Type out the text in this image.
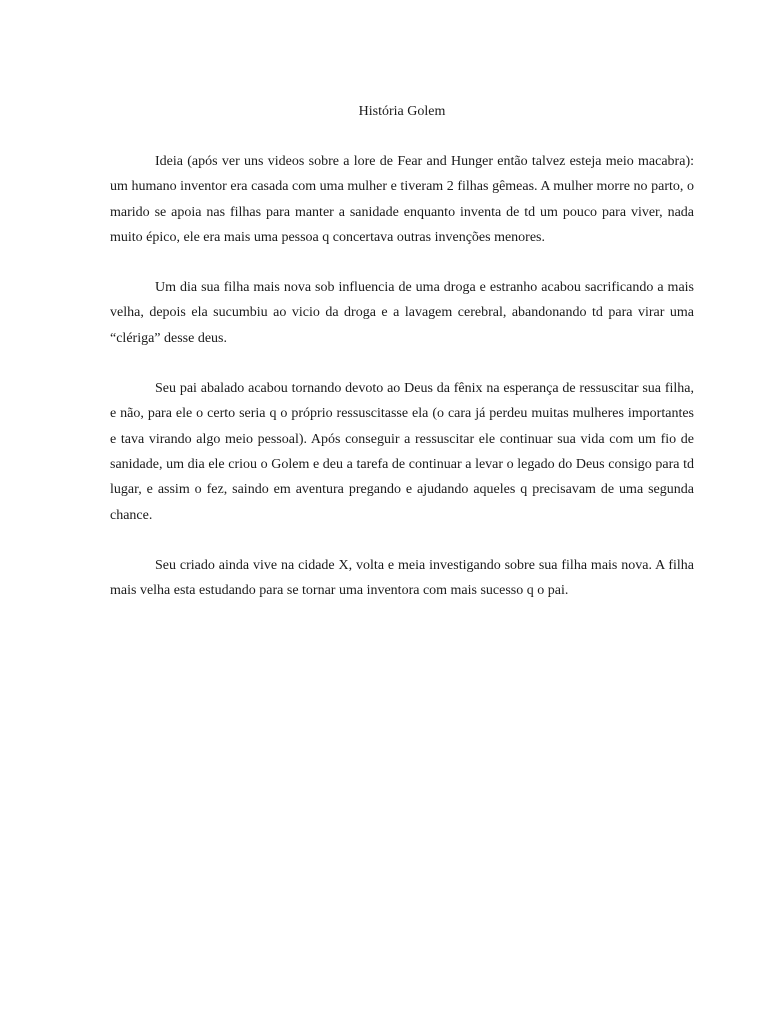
História Golem

Ideia (após ver uns videos sobre a lore de Fear and Hunger então talvez esteja meio macabra): um humano inventor era casada com uma mulher e tiveram 2 filhas gêmeas. A mulher morre no parto, o marido se apoia nas filhas para manter a sanidade enquanto inventa de td um pouco para viver, nada muito épico, ele era mais uma pessoa q concertava outras invenções menores.

Um dia sua filha mais nova sob influencia de uma droga e estranho acabou sacrificando a mais velha, depois ela sucumbiu ao vicio da droga e a lavagem cerebral, abandonando td para virar uma “clériga” desse deus.

Seu pai abalado acabou tornando devoto ao Deus da fênix na esperança de ressuscitar sua filha, e não, para ele o certo seria q o próprio ressuscitasse ela (o cara já perdeu muitas mulheres importantes e tava virando algo meio pessoal). Após conseguir a ressuscitar ele continuar sua vida com um fio de sanidade, um dia ele criou o Golem e deu a tarefa de continuar a levar o legado do Deus consigo para td lugar, e assim o fez, saindo em aventura pregando e ajudando aqueles q precisavam de uma segunda chance.

Seu criado ainda vive na cidade X, volta e meia investigando sobre sua filha mais nova. A filha mais velha esta estudando para se tornar uma inventora com mais sucesso q o pai.
